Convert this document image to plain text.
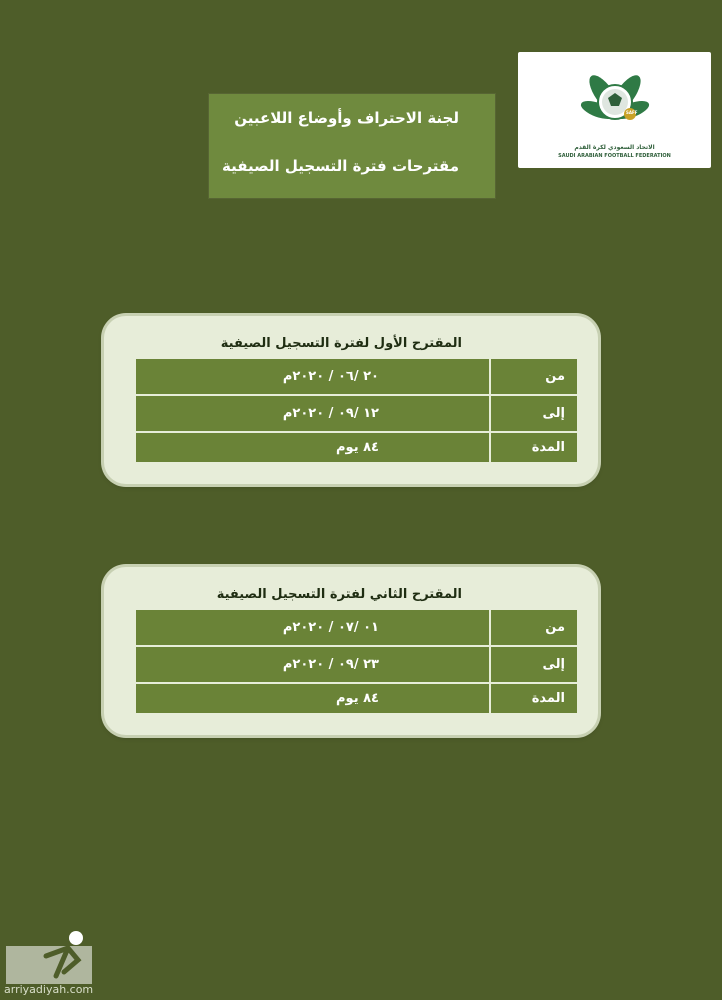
الاتحاد السعودي لكرة القدم
SAUDI ARABIAN FOOTBALL FEDERATION
SAFF
لجنة الاحتراف وأوضاع اللاعبين
مقترحات فترة التسجيل الصيفية
المقترح الأول لفترة التسجيل الصيفية
من	٢٠ /٠٦ / ٢٠٢٠م
إلى	١٢ /٠٩ / ٢٠٢٠م
المدة	٨٤ يوم
المقترح الثاني لفترة التسجيل الصيفية
من	٠١ /٠٧ / ٢٠٢٠م
إلى	٢٣ /٠٩ / ٢٠٢٠م
المدة	٨٤ يوم
arriyadiyah.com
